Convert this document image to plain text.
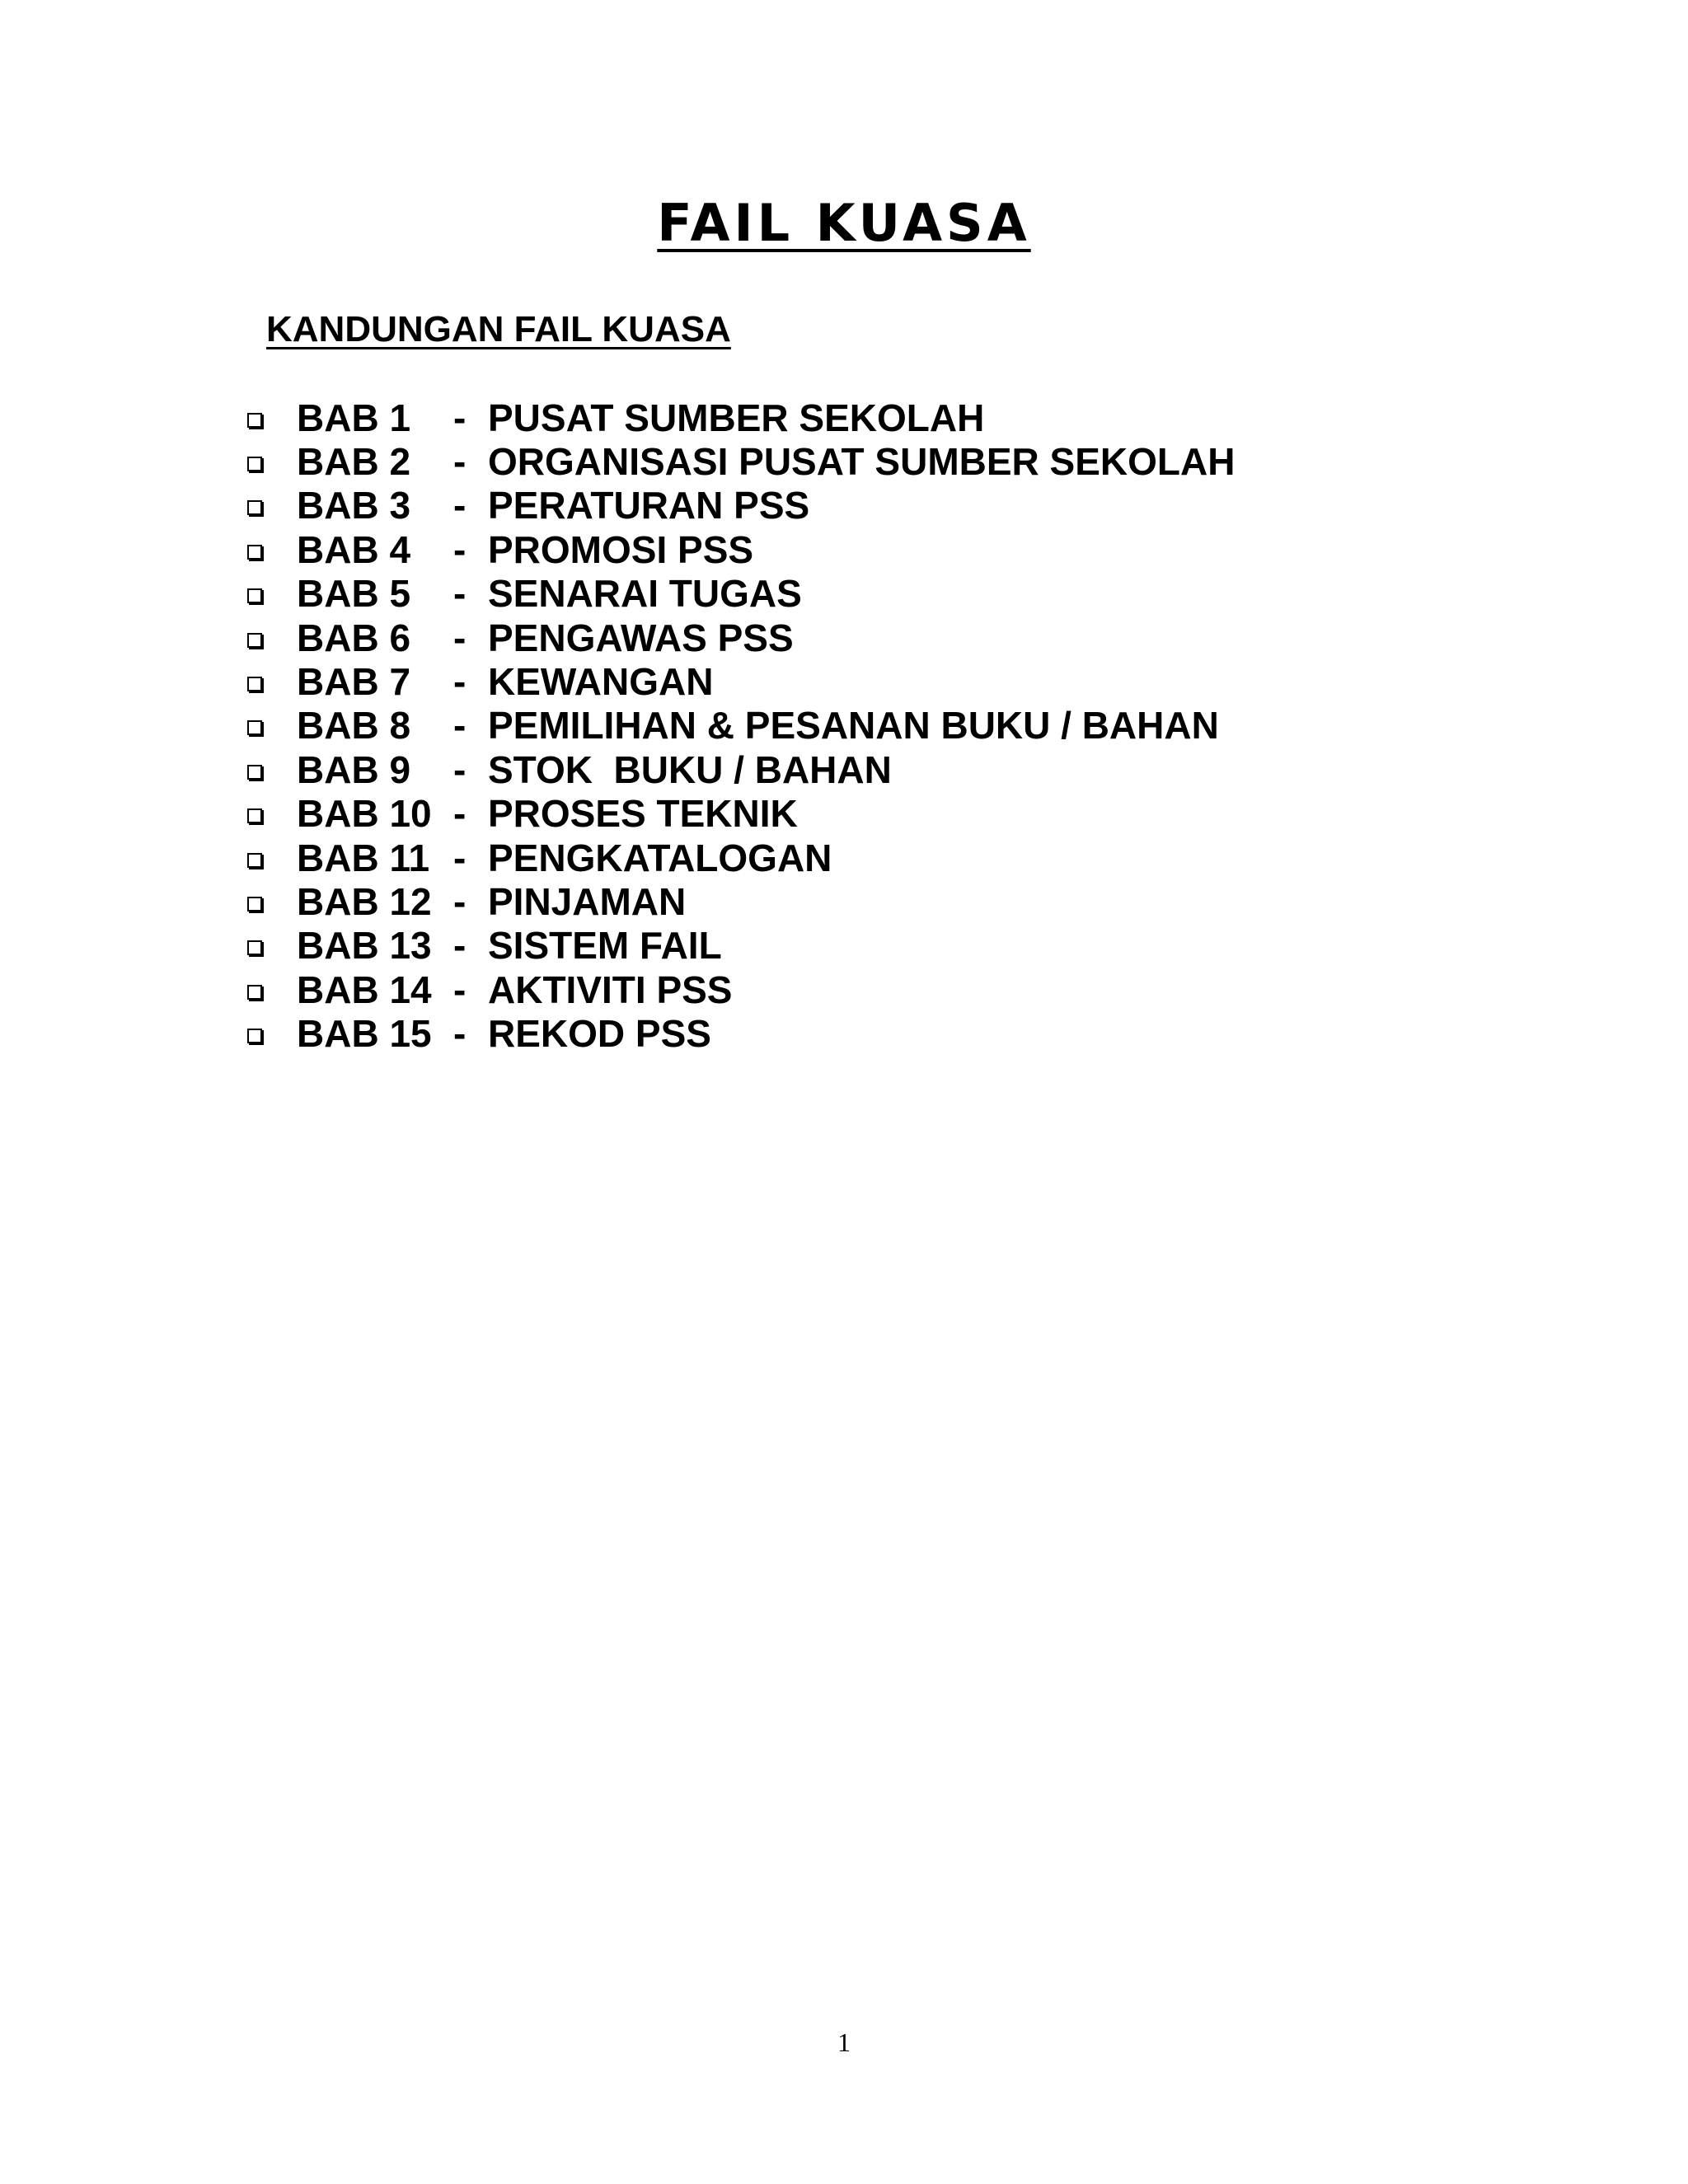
FAIL KUASA
KANDUNGAN FAIL KUASA
BAB 1	- PUSAT SUMBER SEKOLAH
BAB 2	- ORGANISASI PUSAT SUMBER SEKOLAH
BAB 3	- PERATURAN PSS
BAB 4	- PROMOSI PSS
BAB 5	- SENARAI TUGAS
BAB 6	- PENGAWAS PSS
BAB 7	- KEWANGAN
BAB 8	- PEMILIHAN & PESANAN BUKU / BAHAN
BAB 9	- STOK  BUKU / BAHAN
BAB 10 - PROSES TEKNIK
BAB 11 - PENGKATALOGAN
BAB 12 - PINJAMAN
BAB 13 - SISTEM FAIL
BAB 14 - AKTIVITI PSS
BAB 15 - REKOD PSS
1
